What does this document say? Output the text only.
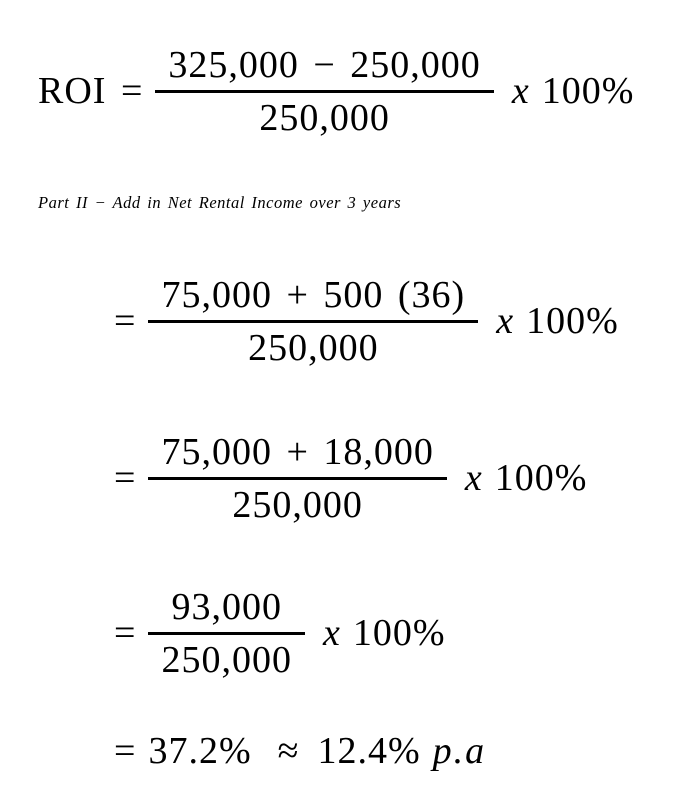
ROI = $\frac{325,000 - 250,000}{250,000}$ x 100%
Part II − Add in Net Rental Income over 3 years
= $\frac{75,000 + 500 (36)}{250,000}$ x 100%
= $\frac{75,000 + 18,000}{250,000}$ x 100%
= $\frac{93,000}{250,000}$ x 100%
= 37.2% ≈ 12.4% p.a
